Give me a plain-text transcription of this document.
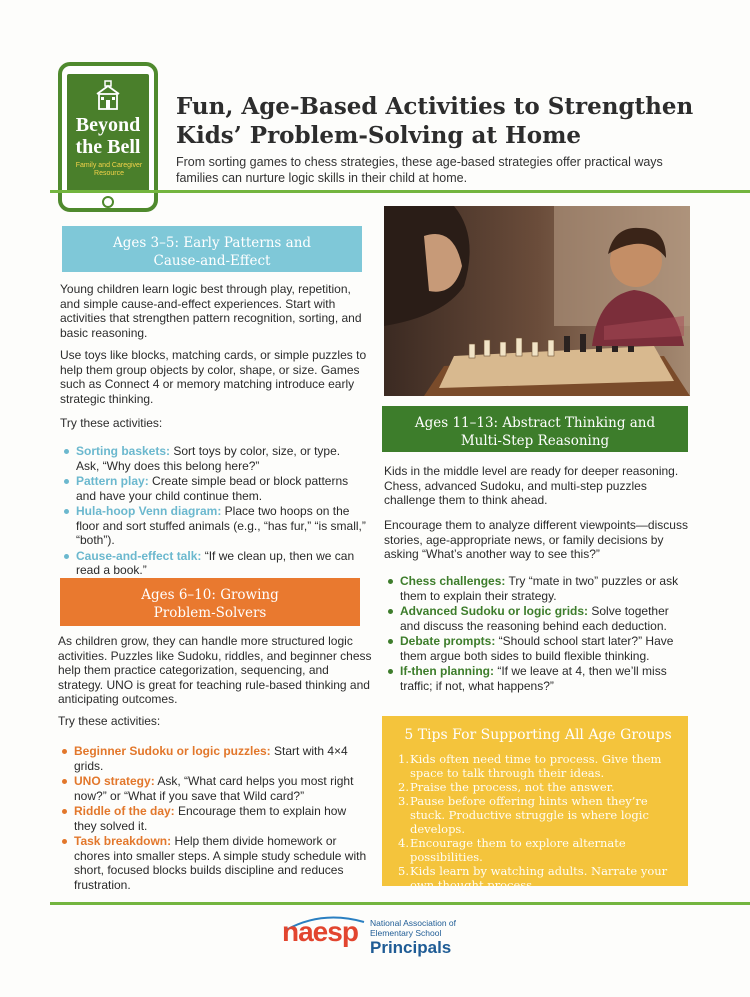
Beyond
the Bell
Family and Caregiver Resource
Fun, Age-Based Activities to Strengthen
Kids’ Problem-Solving at Home
From sorting games to chess strategies, these age-based strategies offer practical ways
families can nurture logic skills in their child at home.
Ages 3–5: Early Patterns and
Cause-and-Effect
Young children learn logic best through play, repetition, and simple cause-and-effect experiences. Start with activities that strengthen pattern recognition, sorting, and basic reasoning.
Use toys like blocks, matching cards, or simple puzzles to help them group objects by color, shape, or size. Games such as Connect 4 or memory matching introduce early strategic thinking.
Try these activities:
Sorting baskets: Sort toys by color, size, or type. Ask, “Why does this belong here?”
Pattern play: Create simple bead or block patterns and have your child continue them.
Hula-hoop Venn diagram: Place two hoops on the floor and sort stuffed animals (e.g., “has fur,” “is small,” “both”).
Cause-and-effect talk: “If we clean up, then we can read a book.”
Ages 6–10: Growing
Problem-Solvers
As children grow, they can handle more structured logic activities. Puzzles like Sudoku, riddles, and beginner chess help them practice categorization, sequencing, and strategy. UNO is great for teaching rule-based thinking and anticipating outcomes.
Try these activities:
Beginner Sudoku or logic puzzles: Start with 4×4 grids.
UNO strategy: Ask, “What card helps you most right now?” or “What if you save that Wild card?”
Riddle of the day: Encourage them to explain how they solved it.
Task breakdown: Help them divide homework or chores into smaller steps. A simple study schedule with short, focused blocks builds discipline and reduces frustration.
Ages 11–13: Abstract Thinking and
Multi-Step Reasoning
Kids in the middle level are ready for deeper reasoning. Chess, advanced Sudoku, and multi-step puzzles challenge them to think ahead.
Encourage them to analyze different viewpoints—discuss stories, age-appropriate news, or family decisions by asking “What’s another way to see this?”
Chess challenges: Try “mate in two” puzzles or ask them to explain their strategy.
Advanced Sudoku or logic grids: Solve together and discuss the reasoning behind each deduction.
Debate prompts: “Should school start later?” Have them argue both sides to build flexible thinking.
If-then planning: “If we leave at 4, then we’ll miss traffic; if not, what happens?”
5 Tips For Supporting All Age Groups
1. Kids often need time to process. Give them space to talk through their ideas.
2. Praise the process, not the answer.
3. Pause before offering hints when they’re stuck. Productive struggle is where logic develops.
4. Encourage them to explore alternate possibilities.
5. Kids learn by watching adults. Narrate your own thought process.
naesp National Association of
Elementary School
Principals
